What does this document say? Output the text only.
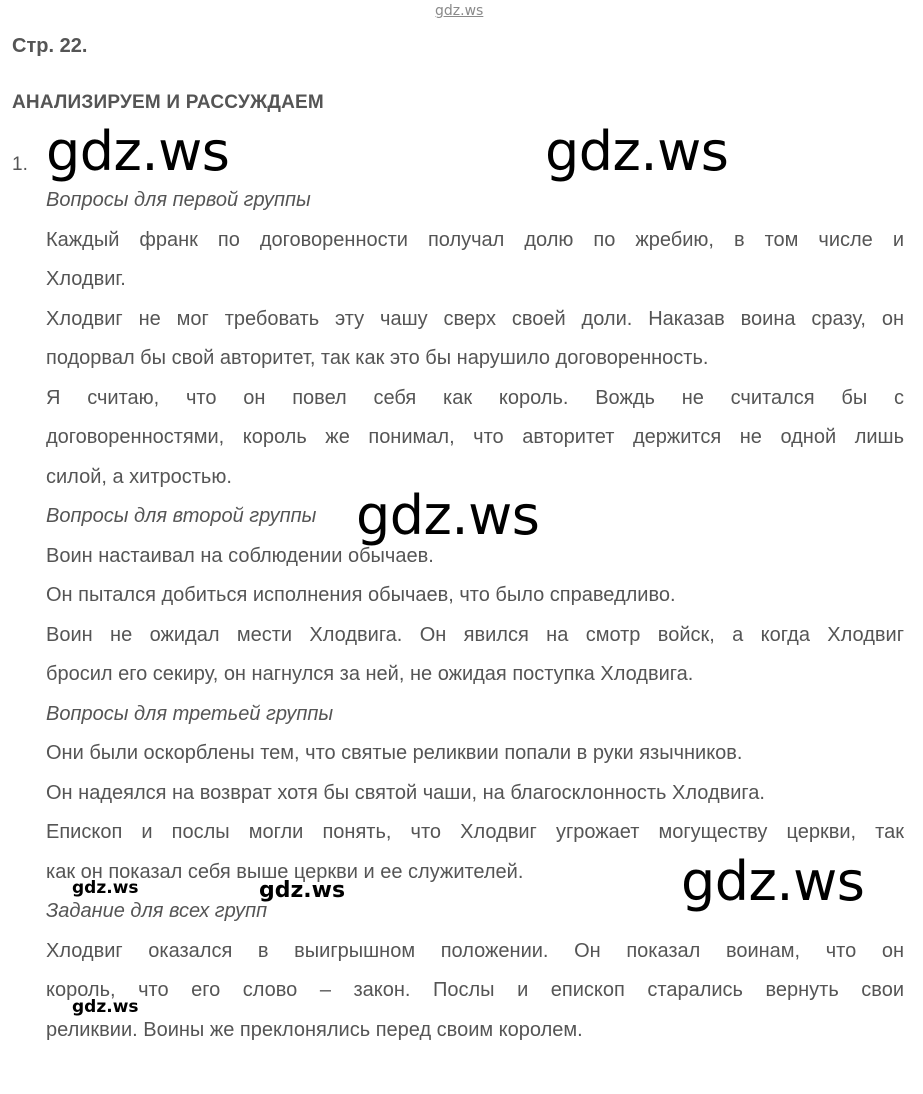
gdz.ws
Стр. 22.
АНАЛИЗИРУЕМ И РАССУЖДАЕМ
1.
Вопросы для первой группы
Каждый франк по договоренности получал долю по жребию, в том числе и
Хлодвиг.
Хлодвиг не мог требовать эту чашу сверх своей доли. Наказав воина сразу, он
подорвал бы свой авторитет, так как это бы нарушило договоренность.
Я считаю, что он повел себя как король. Вождь не считался бы с
договоренностями, король же понимал, что авторитет держится не одной лишь
силой, а хитростью.
Вопросы для второй группы
Воин настаивал на соблюдении обычаев.
Он пытался добиться исполнения обычаев, что было справедливо.
Воин не ожидал мести Хлодвига. Он явился на смотр войск, а когда Хлодвиг
бросил его секиру, он нагнулся за ней, не ожидая поступка Хлодвига.
Вопросы для третьей группы
Они были оскорблены тем, что святые реликвии попали в руки язычников.
Он надеялся на возврат хотя бы святой чаши, на благосклонность Хлодвига.
Епископ и послы могли понять, что Хлодвиг угрожает могуществу церкви, так
как он показал себя выше церкви и ее служителей.
Задание для всех групп
Хлодвиг оказался в выигрышном положении. Он показал воинам, что он
король, что его слово – закон. Послы и епископ старались вернуть свои
реликвии. Воины же преклонялись перед своим королем.
gdz.ws	gdz.ws
gdz.ws
gdz.ws
gdz.ws
gdz.ws
gdz.ws
